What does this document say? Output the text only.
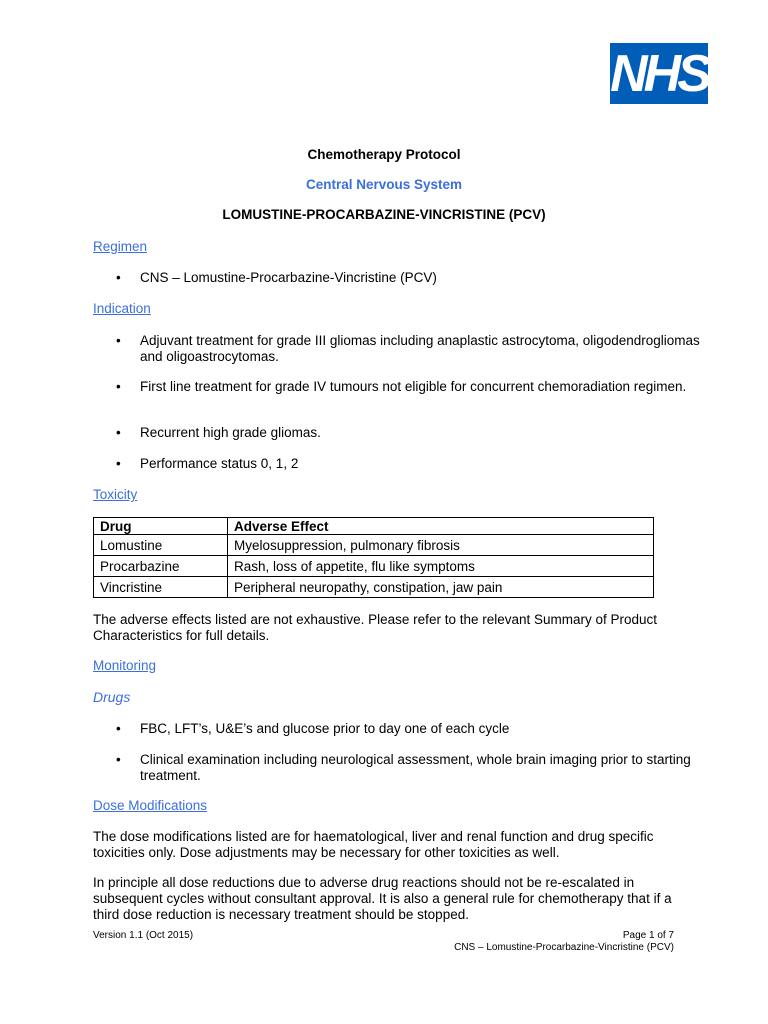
NHS
Chemotherapy Protocol
Central Nervous System
LOMUSTINE-PROCARBAZINE-VINCRISTINE (PCV)
Regimen
• CNS – Lomustine-Procarbazine-Vincristine (PCV)
Indication
• Adjuvant treatment for grade III gliomas including anaplastic astrocytoma, oligodendrogliomas and oligoastrocytomas.
• First line treatment for grade IV tumours not eligible for concurrent chemoradiation regimen.
• Recurrent high grade gliomas.
• Performance status 0, 1, 2
Toxicity
Drug	Adverse Effect
Lomustine	Myelosuppression, pulmonary fibrosis
Procarbazine	Rash, loss of appetite, flu like symptoms
Vincristine	Peripheral neuropathy, constipation, jaw pain
The adverse effects listed are not exhaustive. Please refer to the relevant Summary of Product Characteristics for full details.
Monitoring
Drugs
• FBC, LFT’s, U&E’s and glucose prior to day one of each cycle
• Clinical examination including neurological assessment, whole brain imaging prior to starting treatment.
Dose Modifications
The dose modifications listed are for haematological, liver and renal function and drug specific toxicities only. Dose adjustments may be necessary for other toxicities as well.
In principle all dose reductions due to adverse drug reactions should not be re-escalated in subsequent cycles without consultant approval. It is also a general rule for chemotherapy that if a third dose reduction is necessary treatment should be stopped.
Version 1.1 (Oct 2015)	Page 1 of 7
CNS – Lomustine-Procarbazine-Vincristine (PCV)
